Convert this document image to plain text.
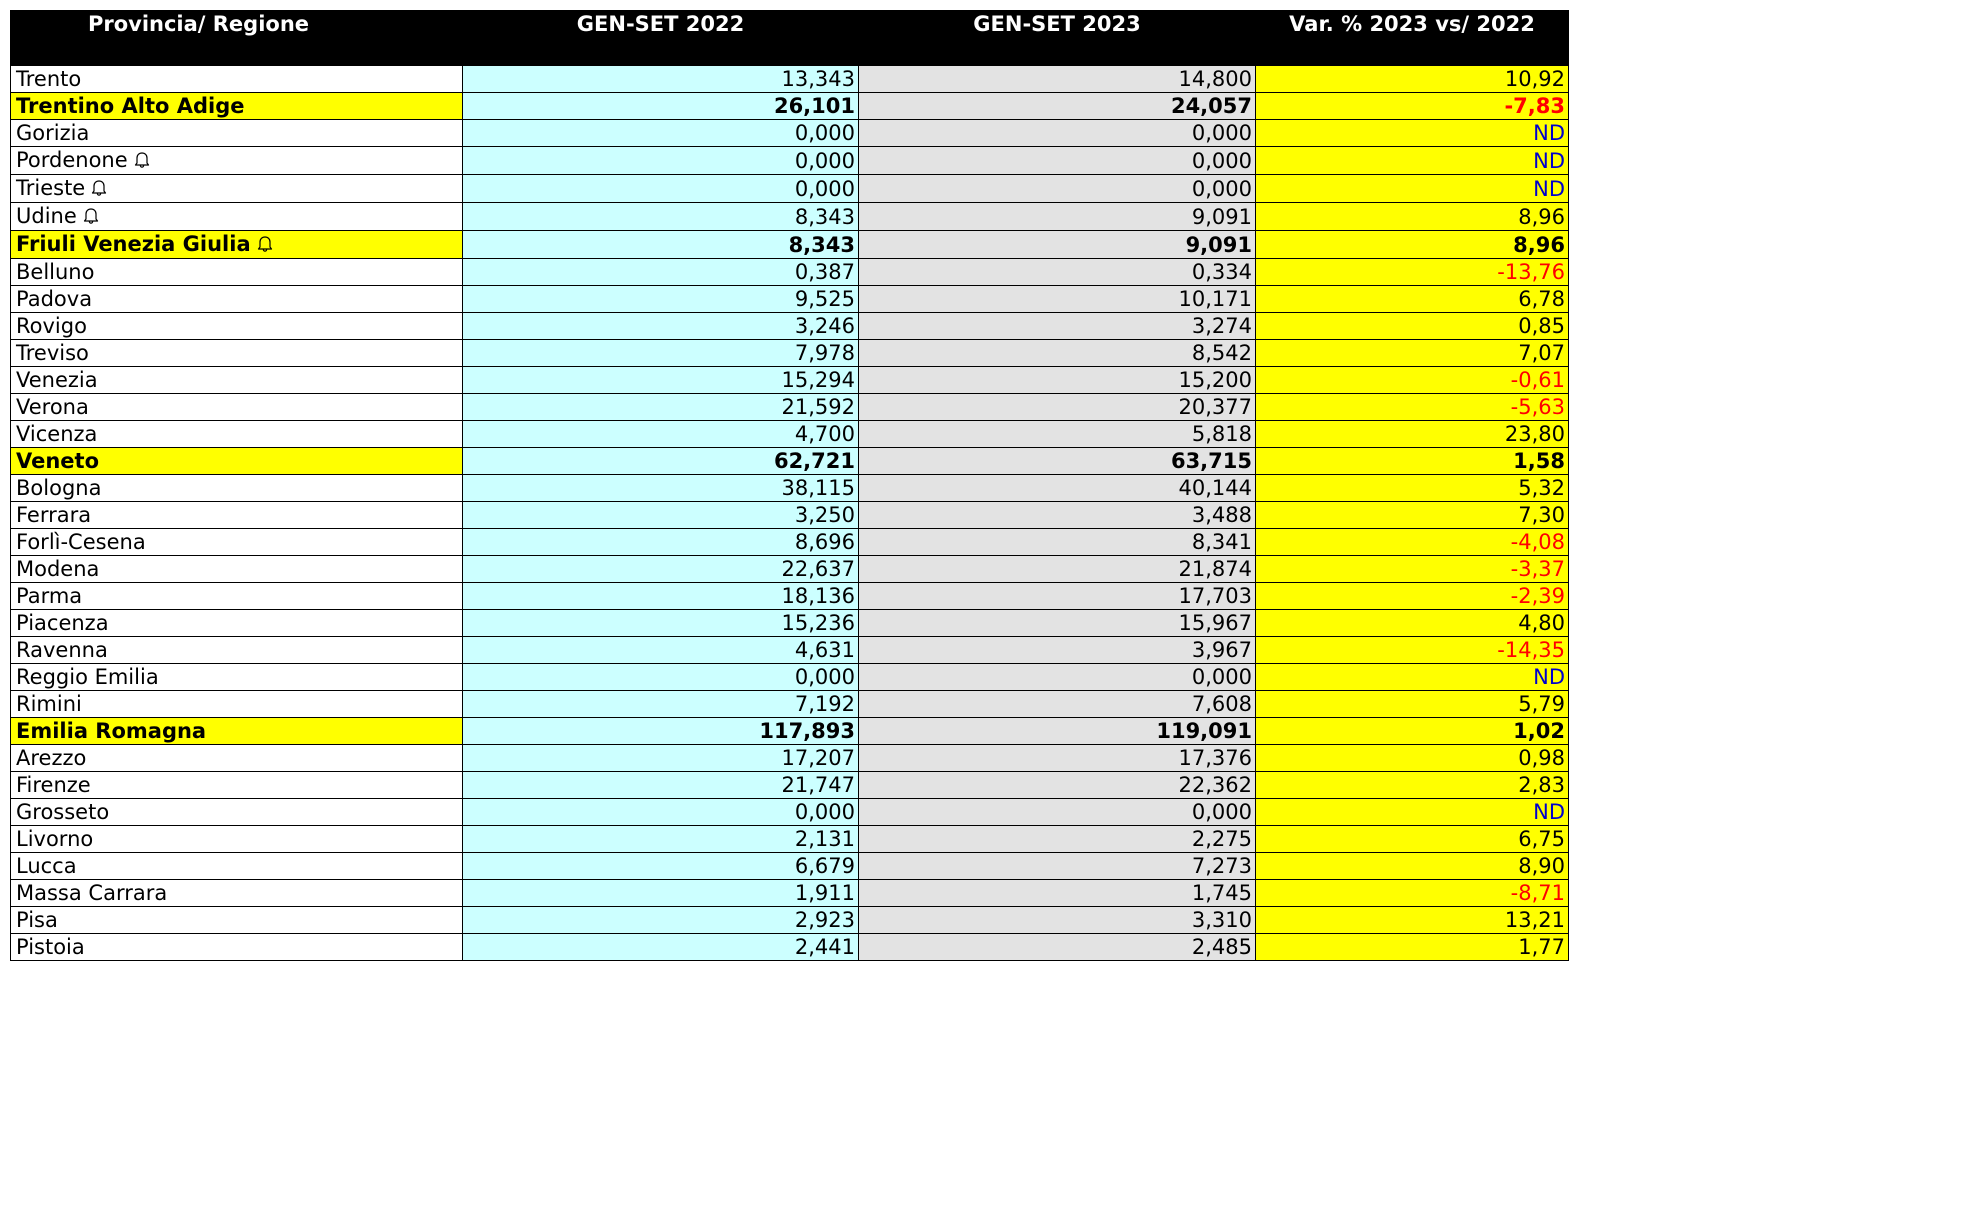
Provincia/ Regione	GEN-SET 2022	GEN-SET 2023	Var. % 2023 vs/ 2022
Trento	13,343	14,800	10,92
Trentino Alto Adige	26,101	24,057	-7,83
Gorizia	0,000	0,000	ND
Pordenone	0,000	0,000	ND
Trieste	0,000	0,000	ND
Udine	8,343	9,091	8,96
Friuli Venezia Giulia	8,343	9,091	8,96
Belluno	0,387	0,334	-13,76
Padova	9,525	10,171	6,78
Rovigo	3,246	3,274	0,85
Treviso	7,978	8,542	7,07
Venezia	15,294	15,200	-0,61
Verona	21,592	20,377	-5,63
Vicenza	4,700	5,818	23,80
Veneto	62,721	63,715	1,58
Bologna	38,115	40,144	5,32
Ferrara	3,250	3,488	7,30
Forlì-Cesena	8,696	8,341	-4,08
Modena	22,637	21,874	-3,37
Parma	18,136	17,703	-2,39
Piacenza	15,236	15,967	4,80
Ravenna	4,631	3,967	-14,35
Reggio Emilia	0,000	0,000	ND
Rimini	7,192	7,608	5,79
Emilia Romagna	117,893	119,091	1,02
Arezzo	17,207	17,376	0,98
Firenze	21,747	22,362	2,83
Grosseto	0,000	0,000	ND
Livorno	2,131	2,275	6,75
Lucca	6,679	7,273	8,90
Massa Carrara	1,911	1,745	-8,71
Pisa	2,923	3,310	13,21
Pistoia	2,441	2,485	1,77
